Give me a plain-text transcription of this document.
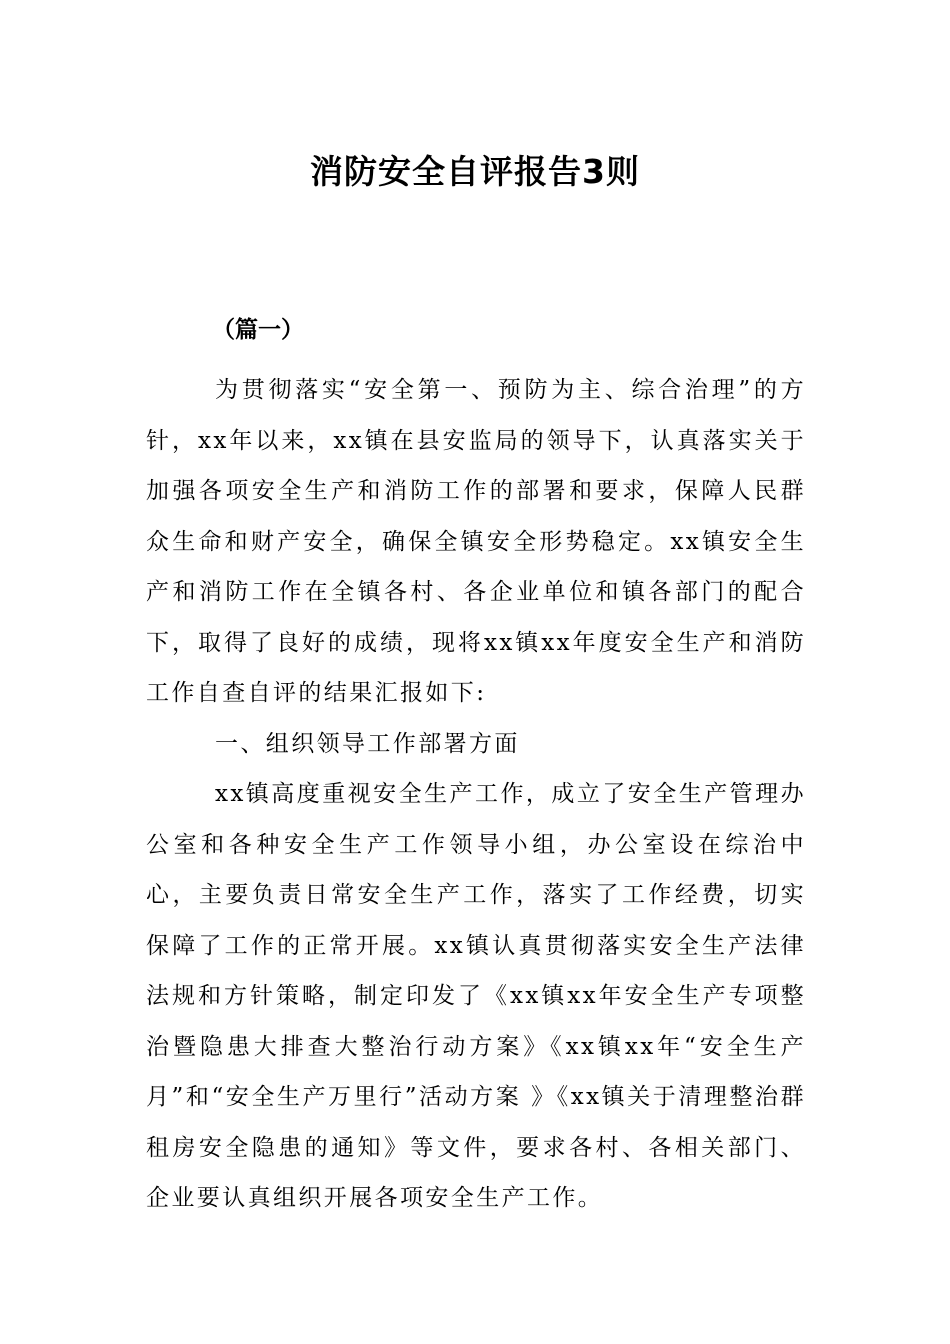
消防安全自评报告3则
（篇一）

为贯彻落实“安全第一、预防为主、综合治理”的方针，xx年以来，xx镇在县安监局的领导下，认真落实关于加强各项安全生产和消防工作的部署和要求，保障人民群众生命和财产安全，确保全镇安全形势稳定。xx镇安全生产和消防工作在全镇各村、各企业单位和镇各部门的配合下，取得了良好的成绩，现将xx镇xx年度安全生产和消防工作自查自评的结果汇报如下:

一、组织领导工作部署方面

xx镇高度重视安全生产工作，成立了安全生产管理办公室和各种安全生产工作领导小组，办公室设在综治中心，主要负责日常安全生产工作，落实了工作经费，切实保障了工作的正常开展。xx镇认真贯彻落实安全生产法律法规和方针策略，制定印发了《xx镇xx年安全生产专项整治暨隐患大排查大整治行动方案》《xx镇xx年“安全生产月”和“安全生产万里行”活动方案 》《xx镇关于清理整治群租房安全隐患的通知》等文件，要求各村、各相关部门、企业要认真组织开展各项安全生产工作。
